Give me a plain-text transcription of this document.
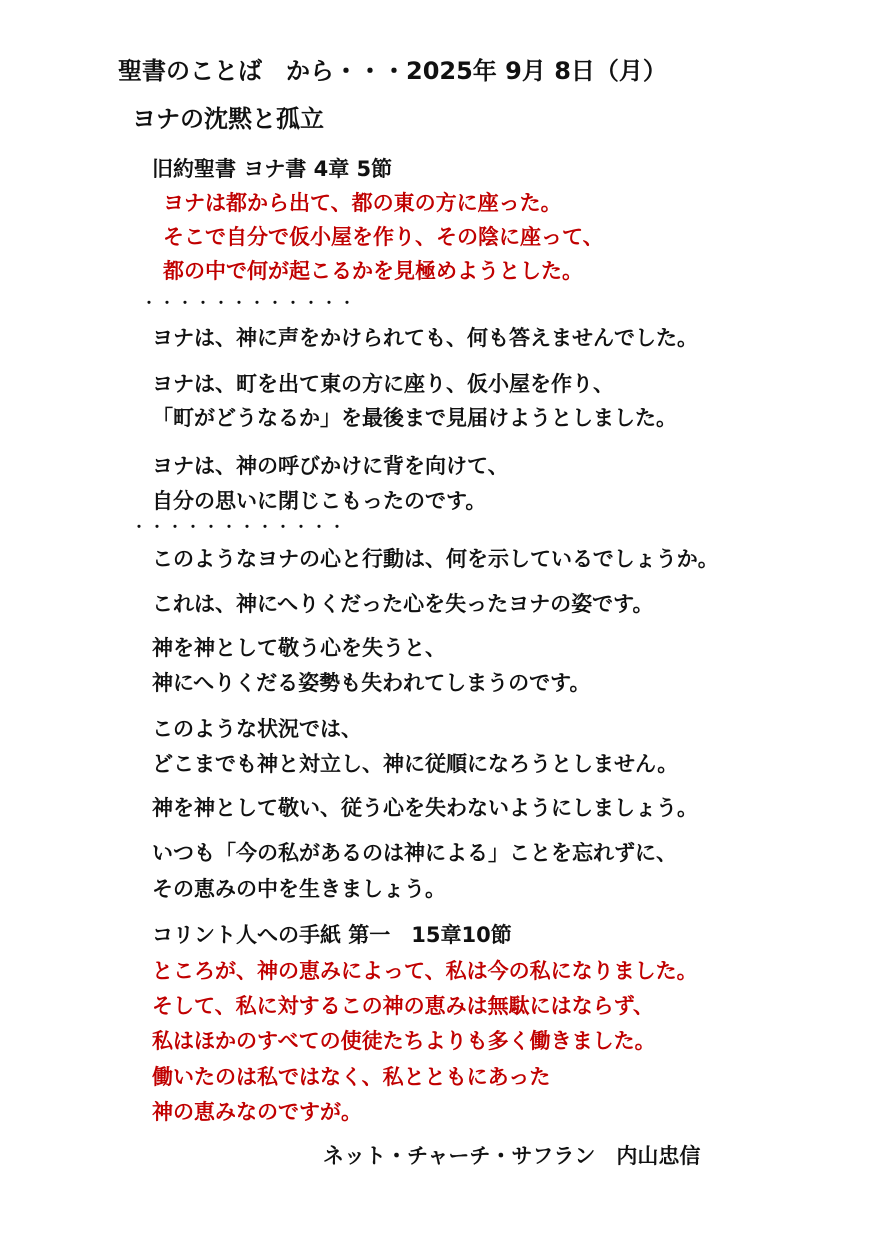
聖書のことば　から・・・2025年 9月 8日（月）
ヨナの沈黙と孤立
旧約聖書 ヨナ書 4章 5節
ヨナは都から出て、都の東の方に座った。
そこで自分で仮小屋を作り、その陰に座って、
都の中で何が起こるかを見極めようとした。
・・・・・・・・・・・・
ヨナは、神に声をかけられても、何も答えませんでした。
ヨナは、町を出て東の方に座り、仮小屋を作り、
「町がどうなるか」を最後まで見届けようとしました。
ヨナは、神の呼びかけに背を向けて、
自分の思いに閉じこもったのです。
・・・・・・・・・・・・
このようなヨナの心と行動は、何を示しているでしょうか。
これは、神にへりくだった心を失ったヨナの姿です。
神を神として敬う心を失うと、
神にへりくだる姿勢も失われてしまうのです。
このような状況では、
どこまでも神と対立し、神に従順になろうとしません。
神を神として敬い、従う心を失わないようにしましょう。
いつも「今の私があるのは神による」ことを忘れずに、
その恵みの中を生きましょう。
コリント人への手紙 第一　15章10節
ところが、神の恵みによって、私は今の私になりました。
そして、私に対するこの神の恵みは無駄にはならず、
私はほかのすべての使徒たちよりも多く働きました。
働いたのは私ではなく、私とともにあった
神の恵みなのですが。
ネット・チャーチ・サフラン　内山忠信
